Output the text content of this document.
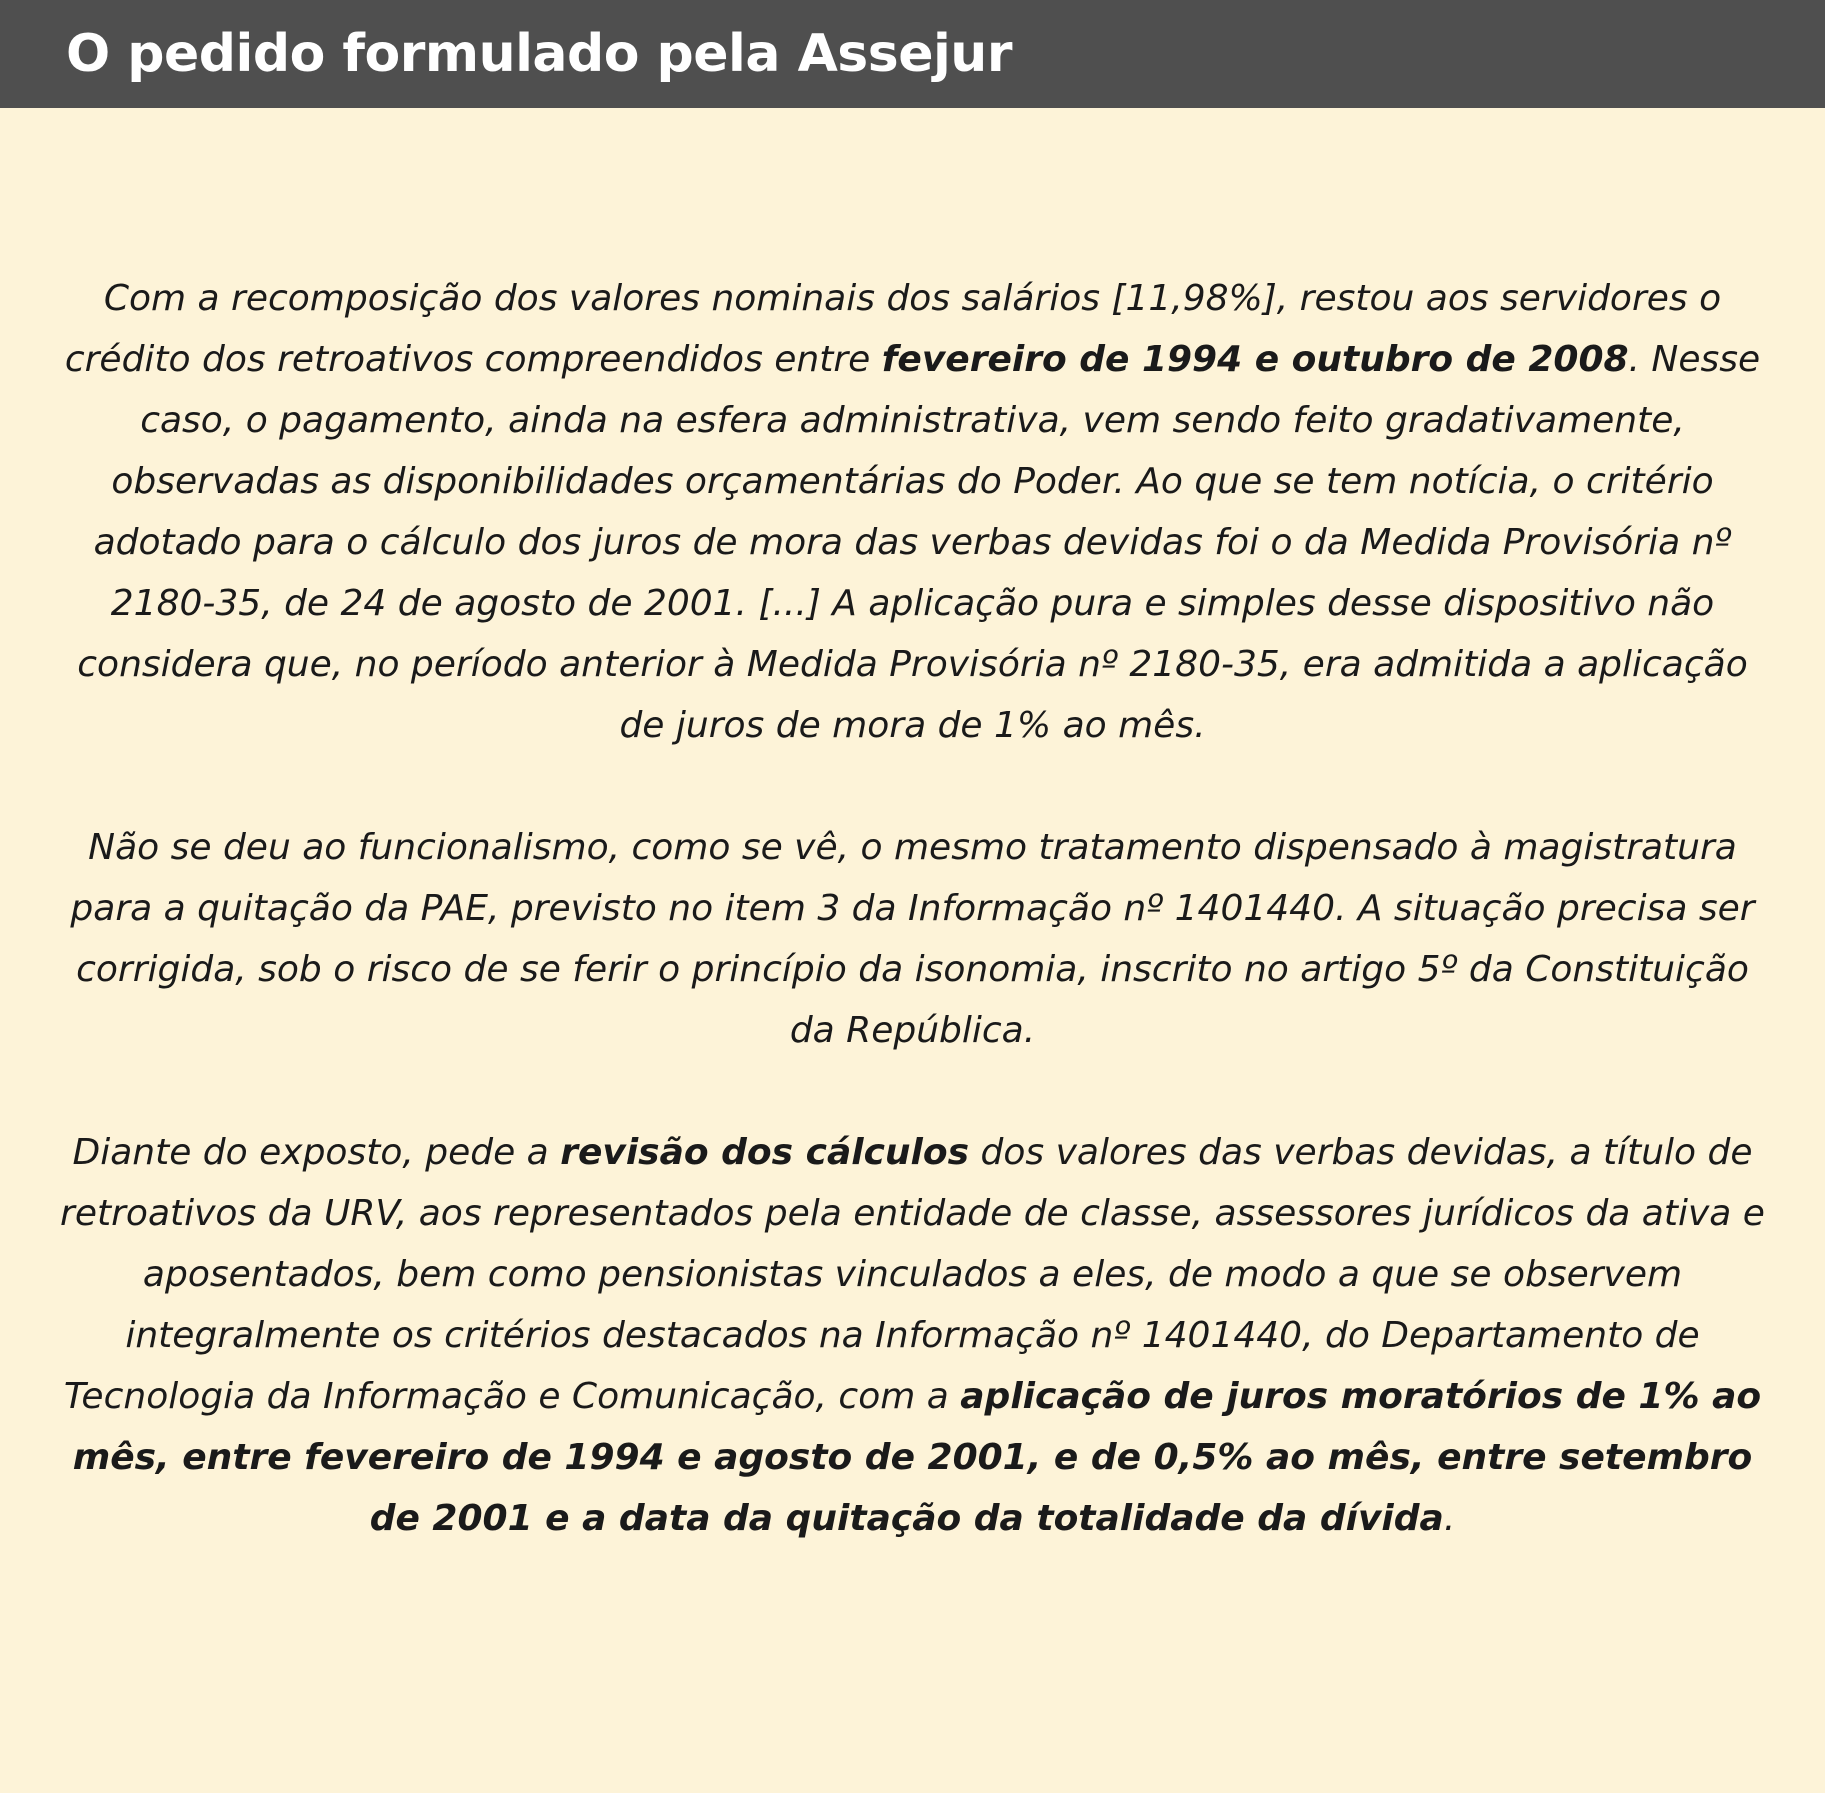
O pedido formulado pela Assejur

Com a recomposição dos valores nominais dos salários [11,98%], restou aos servidores o crédito dos retroativos compreendidos entre fevereiro de 1994 e outubro de 2008. Nesse caso, o pagamento, ainda na esfera administrativa, vem sendo feito gradativamente, observadas as disponibilidades orçamentárias do Poder. Ao que se tem notícia, o critério adotado para o cálculo dos juros de mora das verbas devidas foi o da Medida Provisória nº 2180-35, de 24 de agosto de 2001. [...] A aplicação pura e simples desse dispositivo não considera que, no período anterior à Medida Provisória nº 2180-35, era admitida a aplicação de juros de mora de 1% ao mês.

Não se deu ao funcionalismo, como se vê, o mesmo tratamento dispensado à magistratura para a quitação da PAE, previsto no item 3 da Informação nº 1401440. A situação precisa ser corrigida, sob o risco de se ferir o princípio da isonomia, inscrito no artigo 5º da Constituição da República.

Diante do exposto, pede a revisão dos cálculos dos valores das verbas devidas, a título de retroativos da URV, aos representados pela entidade de classe, assessores jurídicos da ativa e aposentados, bem como pensionistas vinculados a eles, de modo a que se observem integralmente os critérios destacados na Informação nº 1401440, do Departamento de Tecnologia da Informação e Comunicação, com a aplicação de juros moratórios de 1% ao mês, entre fevereiro de 1994 e agosto de 2001, e de 0,5% ao mês, entre setembro de 2001 e a data da quitação da totalidade da dívida.
